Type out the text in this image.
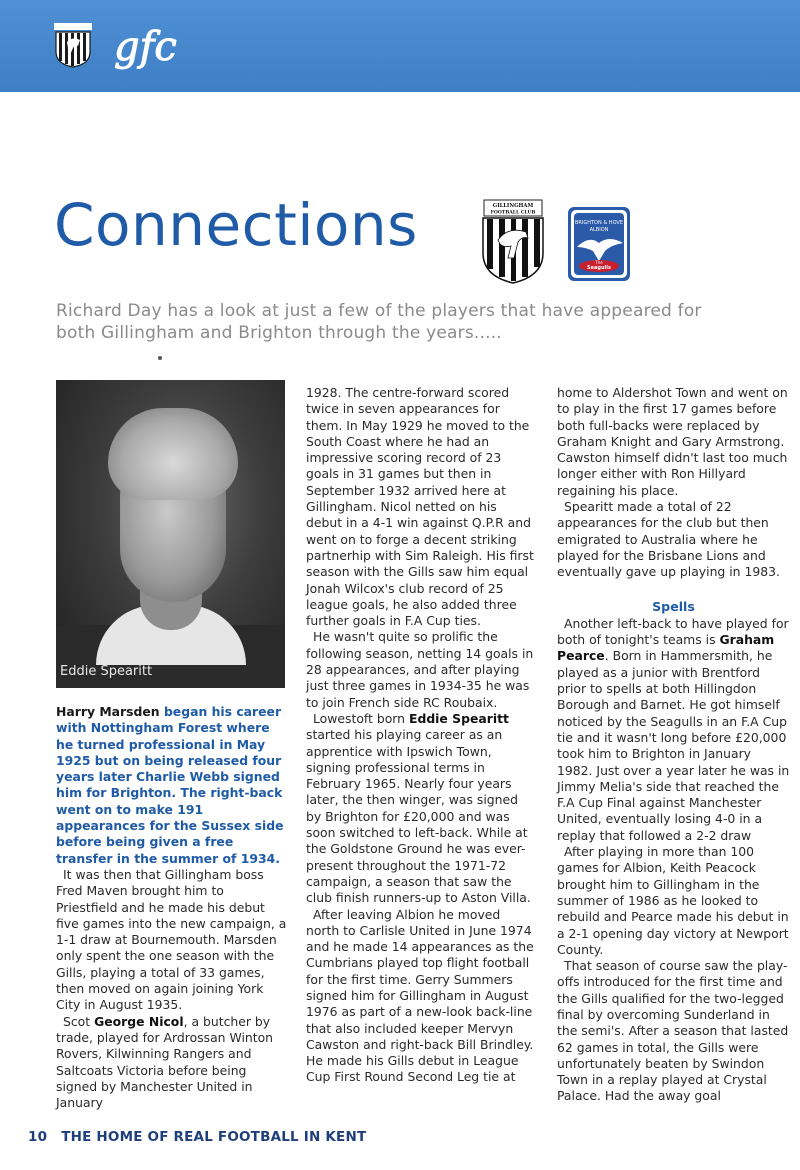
gfc
Connections	GILLINGHAM
FOOTBALL CLUB
BRIGHTON & HOVE
ALBION
The
Seagulls
Richard Day has a look at just a few of the players that have appeared for both Gillingham and Brighton through the years.....
Eddie Spearitt

Harry Marsden began his career with Nottingham Forest where he turned professional in May 1925 but on being released four years later Charlie Webb signed him for Brighton. The right-back went on to make 191 appearances for the Sussex side before being given a free transfer in the summer of 1934.

It was then that Gillingham boss Fred Maven brought him to Priestfield and he made his debut five games into the new campaign, a 1-1 draw at Bournemouth. Marsden only spent the one season with the Gills, playing a total of 33 games, then moved on again joining York City in August 1935.

Scot George Nicol, a butcher by trade, played for Ardrossan Winton Rovers, Kilwinning Rangers and Saltcoats Victoria before being signed by Manchester United in January

1928. The centre-forward scored twice in seven appearances for them. In May 1929 he moved to the South Coast where he had an impressive scoring record of 23 goals in 31 games but then in September 1932 arrived here at Gillingham. Nicol netted on his debut in a 4-1 win against Q.P.R and went on to forge a decent striking partnerhip with Sim Raleigh. His first season with the Gills saw him equal Jonah Wilcox's club record of 25 league goals, he also added three further goals in F.A Cup ties.

He wasn't quite so prolific the following season, netting 14 goals in 28 appearances, and after playing just three games in 1934-35 he was to join French side RC Roubaix.

Lowestoft born Eddie Spearitt started his playing career as an apprentice with Ipswich Town, signing professional terms in February 1965. Nearly four years later, the then winger, was signed by Brighton for £20,000 and was soon switched to left-back. While at the Goldstone Ground he was ever-present throughout the 1971-72 campaign, a season that saw the club finish runners-up to Aston Villa.

After leaving Albion he moved north to Carlisle United in June 1974 and he made 14 appearances as the Cumbrians played top flight football for the first time. Gerry Summers signed him for Gillingham in August 1976 as part of a new-look back-line that also included keeper Mervyn Cawston and right-back Bill Brindley. He made his Gills debut in League Cup First Round Second Leg tie at

home to Aldershot Town and went on to play in the first 17 games before both full-backs were replaced by Graham Knight and Gary Armstrong. Cawston himself didn't last too much longer either with Ron Hillyard regaining his place.

Spearitt made a total of 22 appearances for the club but then emigrated to Australia where he played for the Brisbane Lions and eventually gave up playing in 1983.

Spells

Another left-back to have played for both of tonight's teams is Graham Pearce. Born in Hammersmith, he played as a junior with Brentford prior to spells at both Hillingdon Borough and Barnet. He got himself noticed by the Seagulls in an F.A Cup tie and it wasn't long before £20,000 took him to Brighton in January 1982. Just over a year later he was in Jimmy Melia's side that reached the F.A Cup Final against Manchester United, eventually losing 4-0 in a replay that followed a 2-2 draw

After playing in more than 100 games for Albion, Keith Peacock brought him to Gillingham in the summer of 1986 as he looked to rebuild and Pearce made his debut in a 2-1 opening day victory at Newport County.

That season of course saw the play-offs introduced for the first time and the Gills qualified for the two-legged final by overcoming Sunderland in the semi's. After a season that lasted 62 games in total, the Gills were unfortunately beaten by Swindon Town in a replay played at Crystal Palace. Had the away goal

10 THE HOME OF REAL FOOTBALL IN KENT
